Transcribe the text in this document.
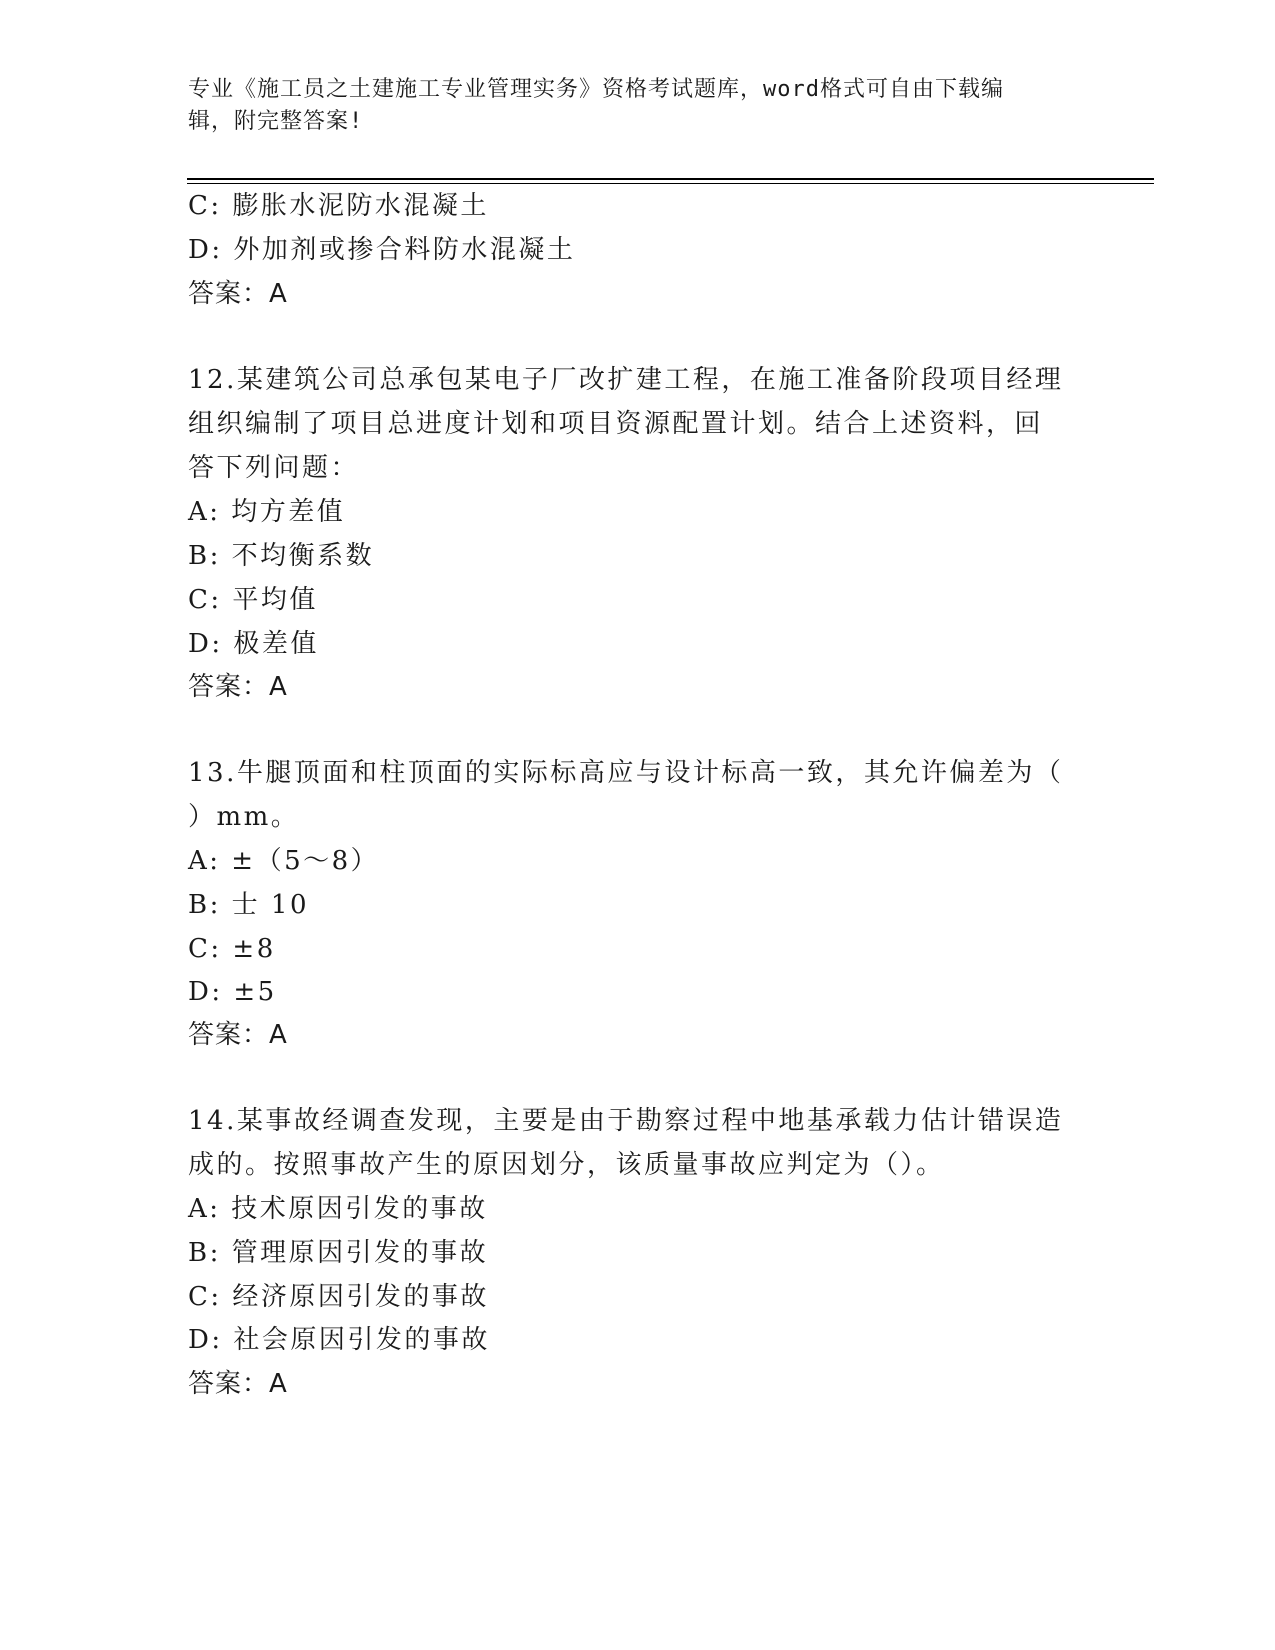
专业《施工员之土建施工专业管理实务》资格考试题库，word格式可自由下载编
辑，附完整答案!
C: 膨胀水泥防水混凝土
D: 外加剂或掺合料防水混凝土
答案：A
12.某建筑公司总承包某电子厂改扩建工程，在施工准备阶段项目经理
组织编制了项目总进度计划和项目资源配置计划。结合上述资料，回
答下列问题：
A: 均方差值
B: 不均衡系数
C: 平均值
D: 极差值
答案：A
13.牛腿顶面和柱顶面的实际标高应与设计标高一致，其允许偏差为（
）mm。
A: ±（5～8）
B: 士 10
C: ±8
D: ±5
答案：A
14.某事故经调查发现，主要是由于勘察过程中地基承载力估计错误造
成的。按照事故产生的原因划分，该质量事故应判定为（）。
A: 技术原因引发的事故
B: 管理原因引发的事故
C: 经济原因引发的事故
D: 社会原因引发的事故
答案：A
